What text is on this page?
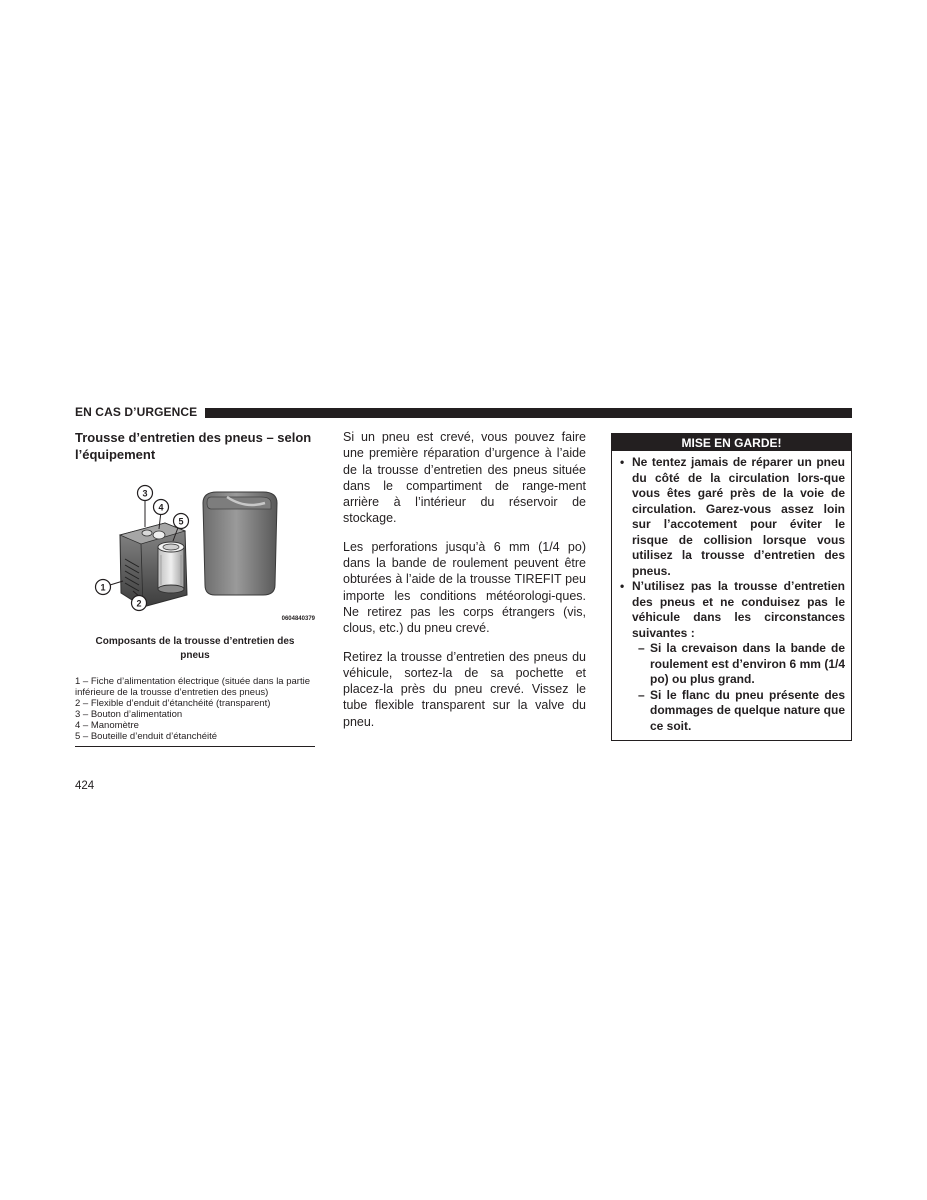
EN CAS D’URGENCE
Trousse d’entretien des pneus – selon l’équipement
1
2
3
4
5
0604840379
Composants de la trousse d’entretien des pneus
1 – Fiche d’alimentation électrique (située dans la partie inférieure de la trousse d’entretien des pneus)
2 – Flexible d’enduit d’étanchéité (transparent)
3 – Bouton d’alimentation
4 – Manomètre
5 – Bouteille d’enduit d’étanchéité

Si un pneu est crevé, vous pouvez faire une première réparation d’urgence à l’aide de la trousse d’entretien des pneus située dans le compartiment de range-ment arrière à l’intérieur du réservoir de stockage.

Les perforations jusqu’à 6 mm (1/4 po) dans la bande de roulement peuvent être obturées à l’aide de la trousse TIREFIT peu importe les conditions météorologi-ques. Ne retirez pas les corps étrangers (vis, clous, etc.) du pneu crevé.

Retirez la trousse d’entretien des pneus du véhicule, sortez-la de sa pochette et placez-la près du pneu crevé. Vissez le tube flexible transparent sur la valve du pneu.

MISE EN GARDE!

• Ne tentez jamais de réparer un pneu du côté de la circulation lors-que vous êtes garé près de la voie de circulation. Garez-vous assez loin sur l’accotement pour éviter le risque de collision lorsque vous utilisez la trousse d’entretien des pneus.

• N’utilisez pas la trousse d’entretien des pneus et ne conduisez pas le véhicule dans les circonstances suivantes :

– Si la crevaison dans la bande de roulement est d’environ 6 mm (1/4 po) ou plus grand.

– Si le flanc du pneu présente des dommages de quelque nature que ce soit.

424
